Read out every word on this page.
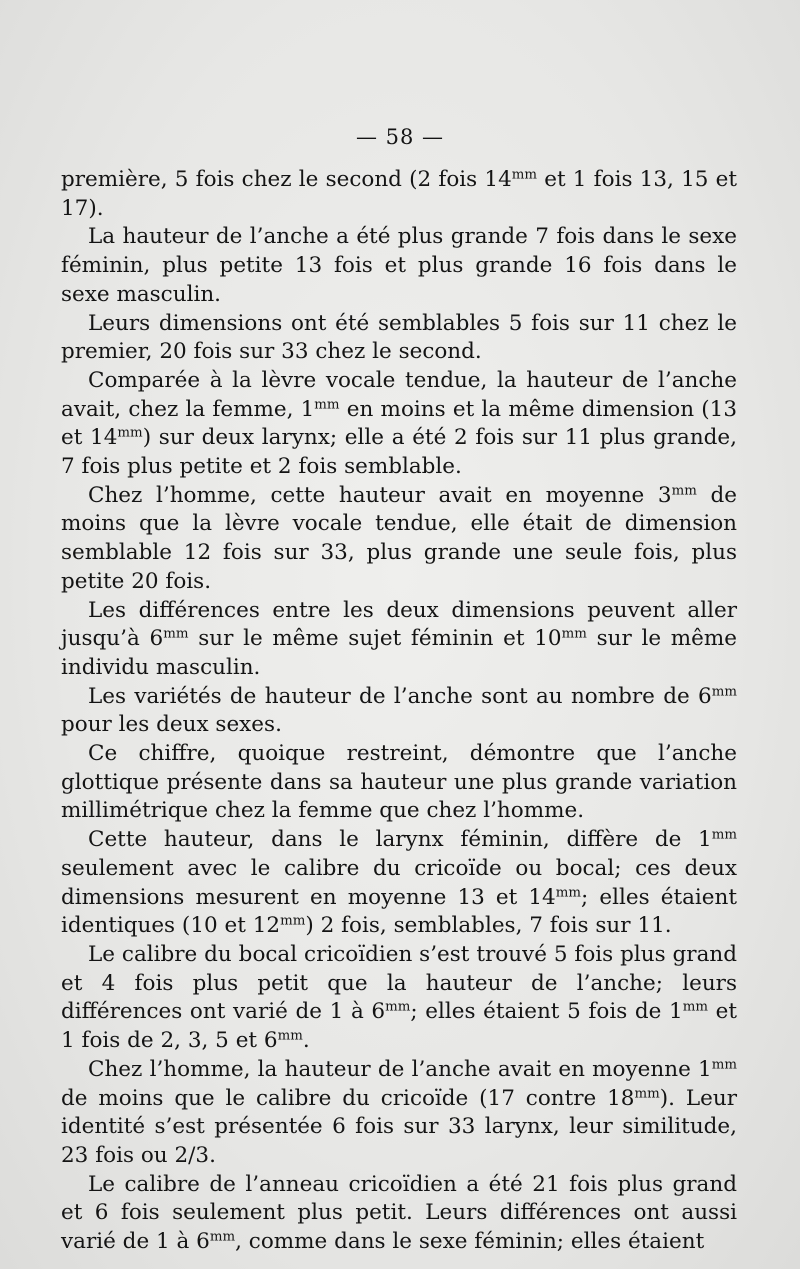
— 58 —

première, 5 fois chez le second (2 fois $14^{mm}$ et 1 fois 13, 15 et 17).

La hauteur de l’anche a été plus grande 7 fois dans le sexe féminin, plus petite 13 fois et plus grande 16 fois dans le sexe masculin.

Leurs dimensions ont été semblables 5 fois sur 11 chez le premier, 20 fois sur 33 chez le second.

Comparée à la lèvre vocale tendue, la hauteur de l’anche avait, chez la femme, $1^{mm}$ en moins et la même dimension (13 et $14^{mm}$) sur deux larynx; elle a été 2 fois sur 11 plus grande, 7 fois plus petite et 2 fois semblable.

Chez l’homme, cette hauteur avait en moyenne $3^{mm}$ de moins que la lèvre vocale tendue, elle était de dimension semblable 12 fois sur 33, plus grande une seule fois, plus petite 20 fois.

Les différences entre les deux dimensions peuvent aller jusqu’à $6^{mm}$ sur le même sujet féminin et $10^{mm}$ sur le même individu masculin.

Les variétés de hauteur de l’anche sont au nombre de $6^{mm}$ pour les deux sexes.

Ce chiffre, quoique restreint, démontre que l’anche glottique présente dans sa hauteur une plus grande variation millimétrique chez la femme que chez l’homme.

Cette hauteur, dans le larynx féminin, diffère de $1^{mm}$ seulement avec le calibre du cricoïde ou bocal; ces deux dimensions mesurent en moyenne 13 et $14^{mm}$; elles étaient identiques (10 et $12^{mm}$) 2 fois, semblables, 7 fois sur 11.

Le calibre du bocal cricoïdien s’est trouvé 5 fois plus grand et 4 fois plus petit que la hauteur de l’anche; leurs différences ont varié de 1 à $6^{mm}$; elles étaient 5 fois de $1^{mm}$ et 1 fois de 2, 3, 5 et $6^{mm}$.

Chez l’homme, la hauteur de l’anche avait en moyenne $1^{mm}$ de moins que le calibre du cricoïde (17 contre $18^{mm}$). Leur identité s’est présentée 6 fois sur 33 larynx, leur similitude, 23 fois ou 2/3.

Le calibre de l’anneau cricoïdien a été 21 fois plus grand et 6 fois seulement plus petit. Leurs différences ont aussi varié de 1 à $6^{mm}$, comme dans le sexe féminin; elles étaient
